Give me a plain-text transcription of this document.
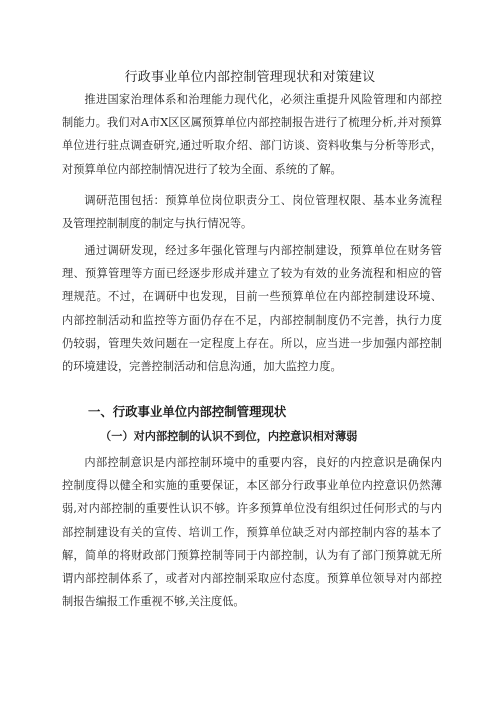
行政事业单位内部控制管理现状和对策建议

推进国家治理体系和治理能力现代化，必须注重提升风险管理和内部控制能力。我们对A市X区区属预算单位内部控制报告进行了梳理分析,并对预算单位进行驻点调查研究,通过听取介绍、部门访谈、资料收集与分析等形式，对预算单位内部控制情况进行了较为全面、系统的了解。

调研范围包括：预算单位岗位职责分工、岗位管理权限、基本业务流程及管理控制制度的制定与执行情况等。

通过调研发现，经过多年强化管理与内部控制建设，预算单位在财务管理、预算管理等方面已经逐步形成并建立了较为有效的业务流程和相应的管理规范。不过，在调研中也发现，目前一些预算单位在内部控制建设环境、内部控制活动和监控等方面仍存在不足，内部控制制度仍不完善，执行力度仍较弱，管理失效问题在一定程度上存在。所以，应当进一步加强内部控制的环境建设，完善控制活动和信息沟通，加大监控力度。

一、行政事业单位内部控制管理现状
（一）对内部控制的认识不到位，内控意识相对薄弱

内部控制意识是内部控制环境中的重要内容，良好的内控意识是确保内控制度得以健全和实施的重要保证，本区部分行政事业单位内控意识仍然薄弱,对内部控制的重要性认识不够。许多预算单位没有组织过任何形式的与内部控制建设有关的宣传、培训工作，预算单位缺乏对内部控制内容的基本了解，简单的将财政部门预算控制等同于内部控制，认为有了部门预算就无所谓内部控制体系了，或者对内部控制采取应付态度。预算单位领导对内部控制报告编报工作重视不够,关注度低。
